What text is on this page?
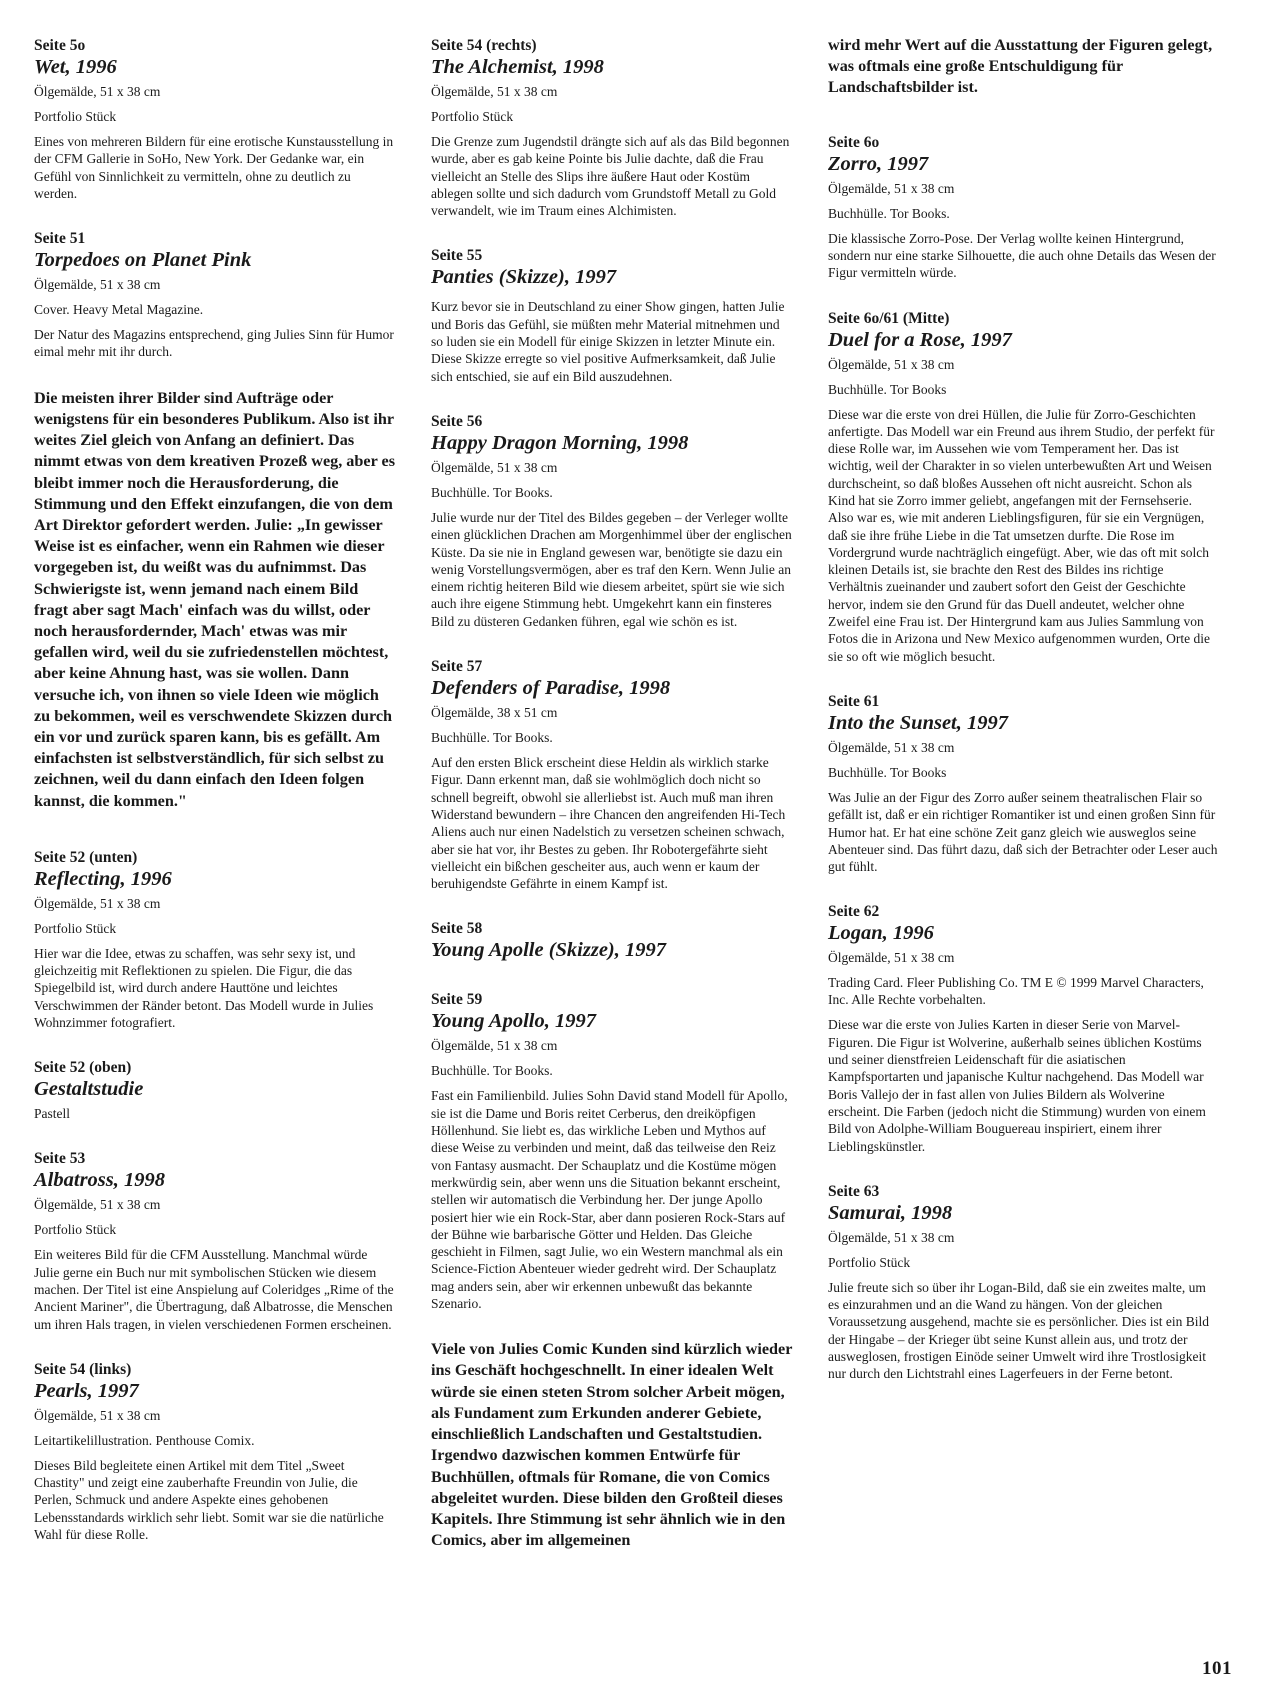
Seite 5o
Wet, 1996
Ölgemälde, 51 x 38 cm
Portfolio Stück
Eines von mehreren Bildern für eine erotische Kunstausstellung in der CFM Gallerie in SoHo, New York. Der Gedanke war, ein Gefühl von Sinnlichkeit zu vermitteln, ohne zu deutlich zu werden.
Seite 51
Torpedoes on Planet Pink
Ölgemälde, 51 x 38 cm
Cover. Heavy Metal Magazine.
Der Natur des Magazins entsprechend, ging Julies Sinn für Humor eimal mehr mit ihr durch.
Die meisten ihrer Bilder sind Aufträge oder wenigstens für ein besonderes Publikum. Also ist ihr weites Ziel gleich von Anfang an definiert. Das nimmt etwas von dem kreativen Prozeß weg, aber es bleibt immer noch die Herausforderung, die Stimmung und den Effekt einzufangen, die von dem Art Direktor gefordert werden. Julie: „In gewisser Weise ist es einfacher, wenn ein Rahmen wie dieser vorgegeben ist, du weißt was du aufnimmst. Das Schwierigste ist, wenn jemand nach einem Bild fragt aber sagt Mach' einfach was du willst, oder noch herausfordernder, Mach' etwas was mir gefallen wird, weil du sie zufriedenstellen möchtest, aber keine Ahnung hast, was sie wollen. Dann versuche ich, von ihnen so viele Ideen wie möglich zu bekommen, weil es verschwendete Skizzen durch ein vor und zurück sparen kann, bis es gefällt. Am einfachsten ist selbstverständlich, für sich selbst zu zeichnen, weil du dann einfach den Ideen folgen kannst, die kommen."
Seite 52 (unten)
Reflecting, 1996
Ölgemälde, 51 x 38 cm
Portfolio Stück
Hier war die Idee, etwas zu schaffen, was sehr sexy ist, und gleichzeitig mit Reflektionen zu spielen. Die Figur, die das Spiegelbild ist, wird durch andere Hauttöne und leichtes Verschwimmen der Ränder betont. Das Modell wurde in Julies Wohnzimmer fotografiert.
Seite 52 (oben)
Gestaltstudie
Pastell
Seite 53
Albatross, 1998
Ölgemälde, 51 x 38 cm
Portfolio Stück
Ein weiteres Bild für die CFM Ausstellung. Manchmal würde Julie gerne ein Buch nur mit symbolischen Stücken wie diesem machen. Der Titel ist eine Anspielung auf Coleridges „Rime of the Ancient Mariner", die Übertragung, daß Albatrosse, die Menschen um ihren Hals tragen, in vielen verschiedenen Formen erscheinen.
Seite 54 (links)
Pearls, 1997
Ölgemälde, 51 x 38 cm
Leitartikelillustration. Penthouse Comix.
Dieses Bild begleitete einen Artikel mit dem Titel „Sweet Chastity" und zeigt eine zauberhafte Freundin von Julie, die Perlen, Schmuck und andere Aspekte eines gehobenen Lebensstandards wirklich sehr liebt. Somit war sie die natürliche Wahl für diese Rolle.
Seite 54 (rechts)
The Alchemist, 1998
Ölgemälde, 51 x 38 cm
Portfolio Stück
Die Grenze zum Jugendstil drängte sich auf als das Bild begonnen wurde, aber es gab keine Pointe bis Julie dachte, daß die Frau vielleicht an Stelle des Slips ihre äußere Haut oder Kostüm ablegen sollte und sich dadurch vom Grundstoff Metall zu Gold verwandelt, wie im Traum eines Alchimisten.
Seite 55
Panties (Skizze), 1997
Kurz bevor sie in Deutschland zu einer Show gingen, hatten Julie und Boris das Gefühl, sie müßten mehr Material mitnehmen und so luden sie ein Modell für einige Skizzen in letzter Minute ein. Diese Skizze erregte so viel positive Aufmerksamkeit, daß Julie sich entschied, sie auf ein Bild auszudehnen.
Seite 56
Happy Dragon Morning, 1998
Ölgemälde, 51 x 38 cm
Buchhülle. Tor Books.
Julie wurde nur der Titel des Bildes gegeben – der Verleger wollte einen glücklichen Drachen am Morgenhimmel über der englischen Küste. Da sie nie in England gewesen war, benötigte sie dazu ein wenig Vorstellungsvermögen, aber es traf den Kern. Wenn Julie an einem richtig heiteren Bild wie diesem arbeitet, spürt sie wie sich auch ihre eigene Stimmung hebt. Umgekehrt kann ein finsteres Bild zu düsteren Gedanken führen, egal wie schön es ist.
Seite 57
Defenders of Paradise, 1998
Ölgemälde, 38 x 51 cm
Buchhülle. Tor Books.
Auf den ersten Blick erscheint diese Heldin als wirklich starke Figur. Dann erkennt man, daß sie wohlmöglich doch nicht so schnell begreift, obwohl sie allerliebst ist. Auch muß man ihren Widerstand bewundern – ihre Chancen den angreifenden Hi-Tech Aliens auch nur einen Nadelstich zu versetzen scheinen schwach, aber sie hat vor, ihr Bestes zu geben. Ihr Robotergefährte sieht vielleicht ein bißchen gescheiter aus, auch wenn er kaum der beruhigendste Gefährte in einem Kampf ist.
Seite 58
Young Apolle (Skizze), 1997
Seite 59
Young Apollo, 1997
Ölgemälde, 51 x 38 cm
Buchhülle. Tor Books.
Fast ein Familienbild. Julies Sohn David stand Modell für Apollo, sie ist die Dame und Boris reitet Cerberus, den dreiköpfigen Höllenhund. Sie liebt es, das wirkliche Leben und Mythos auf diese Weise zu verbinden und meint, daß das teilweise den Reiz von Fantasy ausmacht. Der Schauplatz und die Kostüme mögen merkwürdig sein, aber wenn uns die Situation bekannt erscheint, stellen wir automatisch die Verbindung her. Der junge Apollo posiert hier wie ein Rock-Star, aber dann posieren Rock-Stars auf der Bühne wie barbarische Götter und Helden. Das Gleiche geschieht in Filmen, sagt Julie, wo ein Western manchmal als ein Science-Fiction Abenteuer wieder gedreht wird. Der Schauplatz mag anders sein, aber wir erkennen unbewußt das bekannte Szenario.
Viele von Julies Comic Kunden sind kürzlich wieder ins Geschäft hochgeschnellt. In einer idealen Welt würde sie einen steten Strom solcher Arbeit mögen, als Fundament zum Erkunden anderer Gebiete, einschließlich Landschaften und Gestaltstudien. Irgendwo dazwischen kommen Entwürfe für Buchhüllen, oftmals für Romane, die von Comics abgeleitet wurden. Diese bilden den Großteil dieses Kapitels. Ihre Stimmung ist sehr ähnlich wie in den Comics, aber im allgemeinen
wird mehr Wert auf die Ausstattung der Figuren gelegt, was oftmals eine große Entschuldigung für Landschaftsbilder ist.
Seite 6o
Zorro, 1997
Ölgemälde, 51 x 38 cm
Buchhülle. Tor Books.
Die klassische Zorro-Pose. Der Verlag wollte keinen Hintergrund, sondern nur eine starke Silhouette, die auch ohne Details das Wesen der Figur vermitteln würde.
Seite 6o/61 (Mitte)
Duel for a Rose, 1997
Ölgemälde, 51 x 38 cm
Buchhülle. Tor Books
Diese war die erste von drei Hüllen, die Julie für Zorro-Geschichten anfertigte. Das Modell war ein Freund aus ihrem Studio, der perfekt für diese Rolle war, im Aussehen wie vom Temperament her. Das ist wichtig, weil der Charakter in so vielen unterbewußten Art und Weisen durchscheint, so daß bloßes Aussehen oft nicht ausreicht. Schon als Kind hat sie Zorro immer geliebt, angefangen mit der Fernsehserie. Also war es, wie mit anderen Lieblingsfiguren, für sie ein Vergnügen, daß sie ihre frühe Liebe in die Tat umsetzen durfte. Die Rose im Vordergrund wurde nachträglich eingefügt. Aber, wie das oft mit solch kleinen Details ist, sie brachte den Rest des Bildes ins richtige Verhältnis zueinander und zaubert sofort den Geist der Geschichte hervor, indem sie den Grund für das Duell andeutet, welcher ohne Zweifel eine Frau ist. Der Hintergrund kam aus Julies Sammlung von Fotos die in Arizona und New Mexico aufgenommen wurden, Orte die sie so oft wie möglich besucht.
Seite 61
Into the Sunset, 1997
Ölgemälde, 51 x 38 cm
Buchhülle. Tor Books
Was Julie an der Figur des Zorro außer seinem theatralischen Flair so gefällt ist, daß er ein richtiger Romantiker ist und einen großen Sinn für Humor hat. Er hat eine schöne Zeit ganz gleich wie ausweglos seine Abenteuer sind. Das führt dazu, daß sich der Betrachter oder Leser auch gut fühlt.
Seite 62
Logan, 1996
Ölgemälde, 51 x 38 cm
Trading Card. Fleer Publishing Co. TM E © 1999 Marvel Characters, Inc. Alle Rechte vorbehalten.
Diese war die erste von Julies Karten in dieser Serie von Marvel-Figuren. Die Figur ist Wolverine, außerhalb seines üblichen Kostüms und seiner dienstfreien Leidenschaft für die asiatischen Kampfsportarten und japanische Kultur nachgehend. Das Modell war Boris Vallejo der in fast allen von Julies Bildern als Wolverine erscheint. Die Farben (jedoch nicht die Stimmung) wurden von einem Bild von Adolphe-William Bouguereau inspiriert, einem ihrer Lieblingskünstler.
Seite 63
Samurai, 1998
Ölgemälde, 51 x 38 cm
Portfolio Stück
Julie freute sich so über ihr Logan-Bild, daß sie ein zweites malte, um es einzurahmen und an die Wand zu hängen. Von der gleichen Voraussetzung ausgehend, machte sie es persönlicher. Dies ist ein Bild der Hingabe – der Krieger übt seine Kunst allein aus, und trotz der ausweglosen, frostigen Einöde seiner Umwelt wird ihre Trostlosigkeit nur durch den Lichtstrahl eines Lagerfeuers in der Ferne betont.
101
